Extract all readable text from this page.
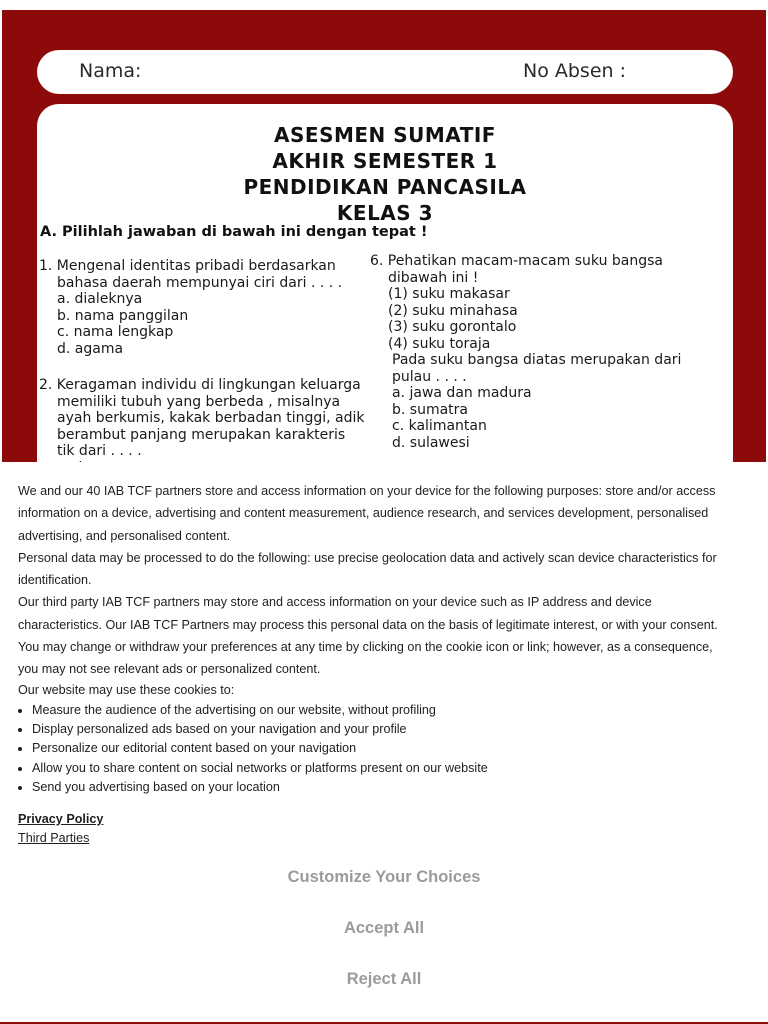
Nama:	No Absen :
ASESMEN SUMATIF
AKHIR SEMESTER 1
PENDIDIKAN PANCASILA
KELAS 3
A. Pilihlah jawaban di bawah ini dengan tepat !
1. Mengenal identitas pribadi berdasarkan
bahasa daerah mempunyai ciri dari . . . .
a. dialeknya
b. nama panggilan
c. nama lengkap
d. agama
2. Keragaman individu di lingkungan keluarga
memiliki tubuh yang berbeda , misalnya
ayah berkumis, kakak berbadan tinggi, adik
berambut panjang merupakan karakteris
tik dari . . . .
6. Pehatikan macam-macam suku bangsa
dibawah ini !
(1) suku makasar
(2) suku minahasa
(3) suku gorontalo
(4) suku toraja
Pada suku bangsa diatas merupakan dari
pulau . . . .
a. jawa dan madura
b. sumatra
c. kalimantan
d. sulawesi

We and our 40 IAB TCF partners store and access information on your device for the following purposes: store and/or access information on a device, advertising and content measurement, audience research, and services development, personalised advertising, and personalised content.

Personal data may be processed to do the following: use precise geolocation data and actively scan device characteristics for identification.

Our third party IAB TCF partners may store and access information on your device such as IP address and device characteristics. Our IAB TCF Partners may process this personal data on the basis of legitimate interest, or with your consent. You may change or withdraw your preferences at any time by clicking on the cookie icon or link; however, as a consequence, you may not see relevant ads or personalized content.

Our website may use these cookies to:

• Measure the audience of the advertising on our website, without profiling
• Display personalized ads based on your navigation and your profile
• Personalize our editorial content based on your navigation
• Allow you to share content on social networks or platforms present on our website
• Send you advertising based on your location
Privacy Policy
Third Parties
Customize Your Choices
Accept All
Reject All
